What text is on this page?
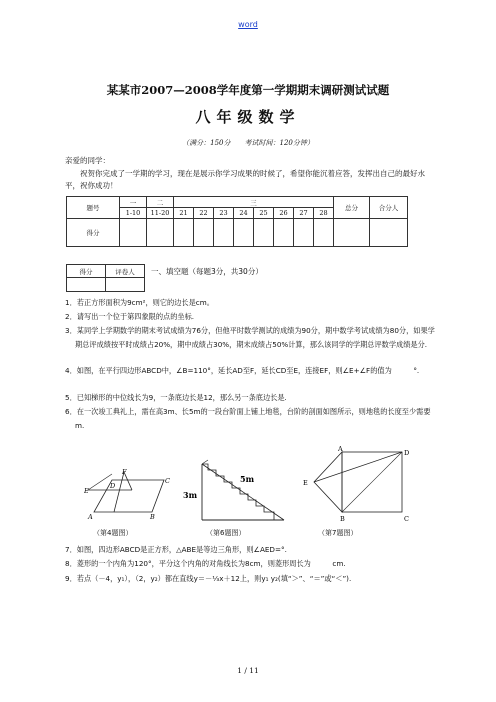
word
某某市2007—2008学年度第一学期期末调研测试试题
八年级数学
（满分：150分　　考试时间：120分钟）
亲爱的同学：
祝贺你完成了一学期的学习，现在是展示你学习成果的时候了，希望你能沉着应答，发挥出自己的最好水平，祝你成功！
题号	一	二	三								总分	合分人
	1-10	11-20	21	22	23	24	25	26	27	28		
得分												
得分	评卷人
	一、填空题（每题3分，共30分）
1．若正方形面积为9cm²，则它的边长是cm。
2．请写出一个位于第四象限的点的坐标.
3．某同学上学期数学的期末考试成绩为76分，但他平时数学测试的成绩为90分，期中数学考试成绩为80分，如果学期总评成绩按平时成绩占20%，期中成绩占30%，期末成绩占50%计算，那么该同学的学期总评数学成绩是分.
4．如图，在平行四边形ABCD中，∠B=110°，延长AD至F，延长CD至E，连接EF，则∠E+∠F的值为　　　°.
5．已知梯形的中位线长为9，一条底边长是12，那么另一条底边长是.
6．在一次竣工典礼上，需在高3m、长5m的一段台阶面上铺上地毯，台阶的剖面如图所示，则地毯的长度至少需要m.
E
F
D
C
A	B
（第4题图）
3m
5m
（第6题图）
A	D
E
B	C
（第7题图）
7．如图，四边形ABCD是正方形，△ABE是等边三角形，则∠AED=°.
8．菱形的一个内角为120°，平分这个内角的对角线长为8cm，则菱形周长为　　　cm.
9．若点（－4，y₁），（2，y₂）都在直线y＝－⅓x＋12上，则y₁ y₂(填“＞”、“＝”或“＜”).
1 / 11
